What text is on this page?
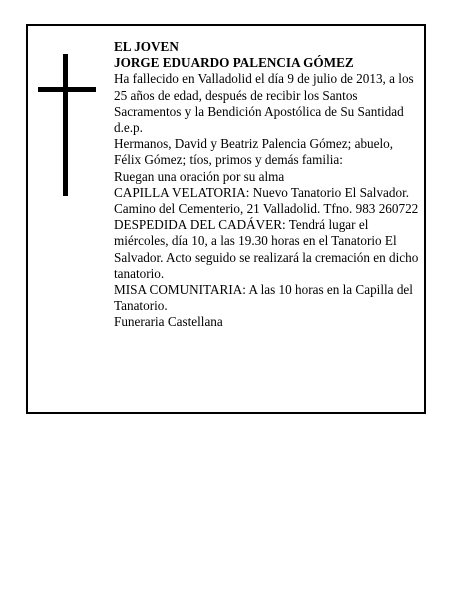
EL JOVEN

JORGE EDUARDO PALENCIA GÓMEZ

Ha fallecido en Valladolid el día 9 de julio de 2013, a los 25 años de edad, después de recibir los Santos Sacramentos y la Bendición Apostólica de Su Santidad d.e.p.

Hermanos, David y Beatriz Palencia Gómez; abuelo, Félix Gómez; tíos, primos y demás familia:

Ruegan una oración por su alma

CAPILLA VELATORIA: Nuevo Tanatorio El Salvador. Camino del Cementerio, 21 Valladolid. Tfno. 983 260722

DESPEDIDA DEL CADÁVER: Tendrá lugar el miércoles, día 10, a las 19.30 horas en el Tanatorio El Salvador. Acto seguido se realizará la cremación en dicho tanatorio.

MISA COMUNITARIA: A las 10 horas en la Capilla del Tanatorio.

Funeraria Castellana
